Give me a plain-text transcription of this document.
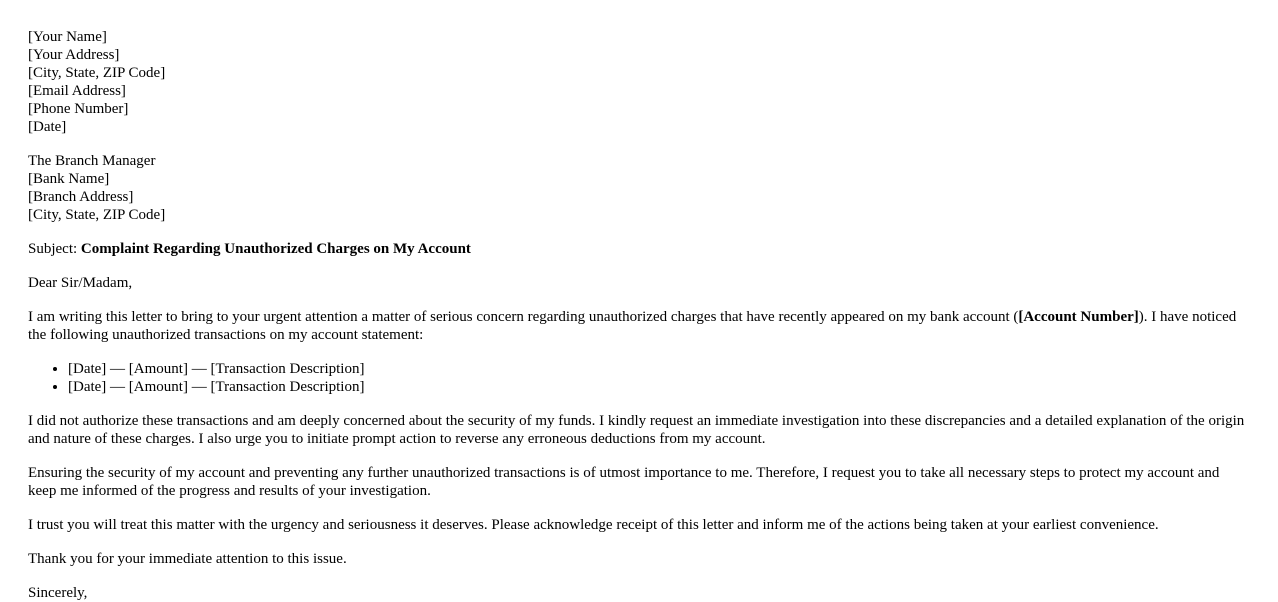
[Your Name]
[Your Address]
[City, State, ZIP Code]
[Email Address]
[Phone Number]
[Date]
The Branch Manager
[Bank Name]
[Branch Address]
[City, State, ZIP Code]

Subject: Complaint Regarding Unauthorized Charges on My Account

Dear Sir/Madam,

I am writing this letter to bring to your urgent attention a matter of serious concern regarding unauthorized charges that have recently appeared on my bank account ([Account Number]). I have noticed the following unauthorized transactions on my account statement:

• [Date] — [Amount] — [Transaction Description]
• [Date] — [Amount] — [Transaction Description]

I did not authorize these transactions and am deeply concerned about the security of my funds. I kindly request an immediate investigation into these discrepancies and a detailed explanation of the origin and nature of these charges. I also urge you to initiate prompt action to reverse any erroneous deductions from my account.

Ensuring the security of my account and preventing any further unauthorized transactions is of utmost importance to me. Therefore, I request you to take all necessary steps to protect my account and keep me informed of the progress and results of your investigation.

I trust you will treat this matter with the urgency and seriousness it deserves. Please acknowledge receipt of this letter and inform me of the actions being taken at your earliest convenience.

Thank you for your immediate attention to this issue.

Sincerely,
